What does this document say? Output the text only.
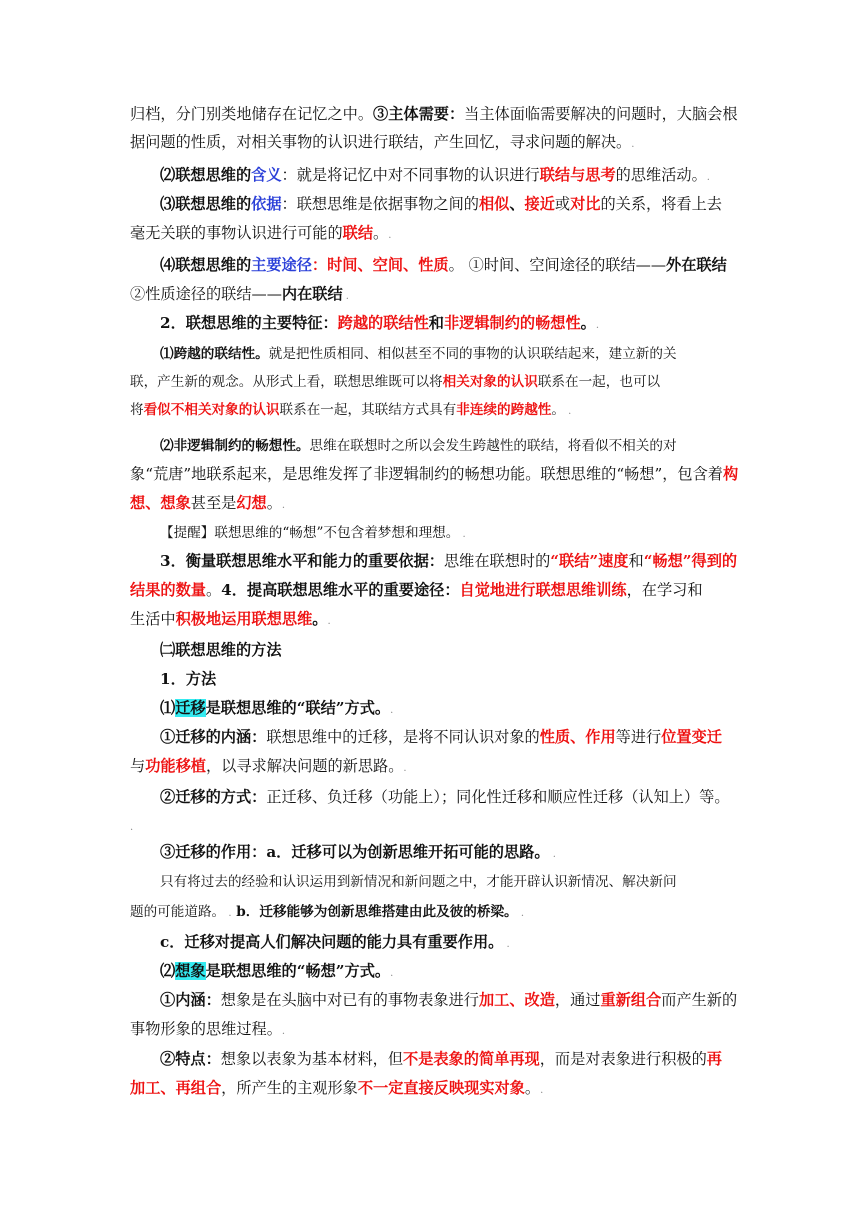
归档，分门别类地储存在记忆之中。③主体需要：当主体面临需要解决的问题时，大脑会根
据问题的性质，对相关事物的认识进行联结，产生回忆，寻求问题的解决。.
⑵联想思维的含义：就是将记忆中对不同事物的认识进行联结与思考的思维活动。.
⑶联想思维的依据：联想思维是依据事物之间的相似、接近或对比的关系，将看上去
毫无关联的事物认识进行可能的联结。.
⑷联想思维的主要途径：时间、空间、性质。 ①时间、空间途径的联结——外在联结
②性质途径的联结——内在联结 .
2．联想思维的主要特征：跨越的联结性和非逻辑制约的畅想性。.
⑴跨越的联结性。就是把性质相同、相似甚至不同的事物的认识联结起来，建立新的关
联，产生新的观念。从形式上看，联想思维既可以将相关对象的认识联系在一起，也可以
将看似不相关对象的认识联系在一起，其联结方式具有非连续的跨越性。 .
⑵非逻辑制约的畅想性。思维在联想时之所以会发生跨越性的联结，将看似不相关的对
象“荒唐”地联系起来，是思维发挥了非逻辑制约的畅想功能。联想思维的“畅想”，包含着构
想、想象甚至是幻想。.
【提醒】联想思维的“畅想”不包含着梦想和理想。 .
3．衡量联想思维水平和能力的重要依据：思维在联想时的“联结”速度和“畅想”得到的
结果的数量。4．提高联想思维水平的重要途径：自觉地进行联想思维训练，在学习和
生活中积极地运用联想思维。.
㈡联想思维的方法
1．方法
⑴迁移是联想思维的“联结”方式。.
①迁移的内涵：联想思维中的迁移，是将不同认识对象的性质、作用等进行位置变迁
与功能移植，以寻求解决问题的新思路。.
②迁移的方式：正迁移、负迁移（功能上）；同化性迁移和顺应性迁移（认知上）等。
.
③迁移的作用：a．迁移可以为创新思维开拓可能的思路。 .
只有将过去的经验和认识运用到新情况和新问题之中，才能开辟认识新情况、解决新问
题的可能道路。 . b．迁移能够为创新思维搭建由此及彼的桥梁。 .
c．迁移对提高人们解决问题的能力具有重要作用。 .
⑵想象是联想思维的“畅想”方式。.
①内涵：想象是在头脑中对已有的事物表象进行加工、改造，通过重新组合而产生新的
事物形象的思维过程。.
②特点：想象以表象为基本材料，但不是表象的简单再现，而是对表象进行积极的再
加工、再组合，所产生的主观形象不一定直接反映现实对象。.
